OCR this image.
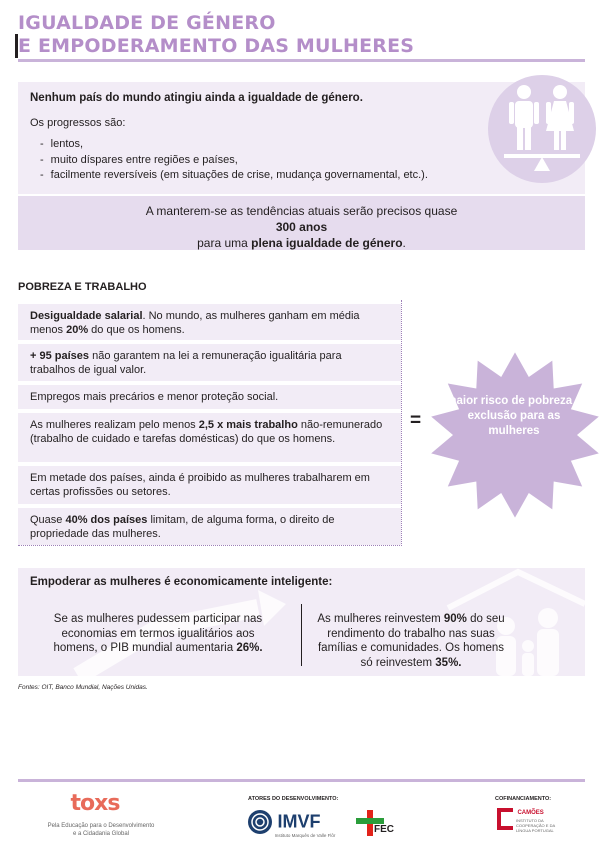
IGUALDADE DE GÉNERO
E EMPODERAMENTO DAS MULHERES
Nenhum país do mundo atingiu ainda a igualdade de género.
Os progressos são:
- lentos,
- muito díspares entre regiões e países,
- facilmente reversíveis (em situações de crise, mudança governamental, etc.).
A manterem-se as tendências atuais serão precisos quase
300 anos
para uma plena igualdade de género.
POBREZA E TRABALHO
Desigualdade salarial. No mundo, as mulheres ganham em média menos 20% do que os homens.
+ 95 países não garantem na lei a remuneração igualitária para trabalhos de igual valor.
Empregos mais precários e menor proteção social.
As mulheres realizam pelo menos 2,5 x mais trabalho não-remunerado (trabalho de cuidado e tarefas domésticas) do que os homens.
Em metade dos países, ainda é proibido as mulheres trabalharem em certas profissões ou setores.
Quase 40% dos países limitam, de alguma forma, o direito de propriedade das mulheres.
=
maior risco de pobreza e exclusão para as mulheres
Empoderar as mulheres é economicamente inteligente:
Se as mulheres pudessem participar nas economias em termos igualitários aos homens, o PIB mundial aumentaria 26%.
As mulheres reinvestem 90% do seu rendimento do trabalho nas suas famílias e comunidades. Os homens só reinvestem 35%.
Fontes: OIT, Banco Mundial, Nações Unidas.
ATORES DO DESENVOLVIMENTO:	COFINANCIAMENTO:
toxs
Pela Educação para o Desenvolvimento e a Cidadania Global
IMVF
Instituto Marquês de Valle Flôr
FEC
CAMÕES
INSTITUTO DA COOPERAÇÃO E DA LÍNGUA PORTUGAL
